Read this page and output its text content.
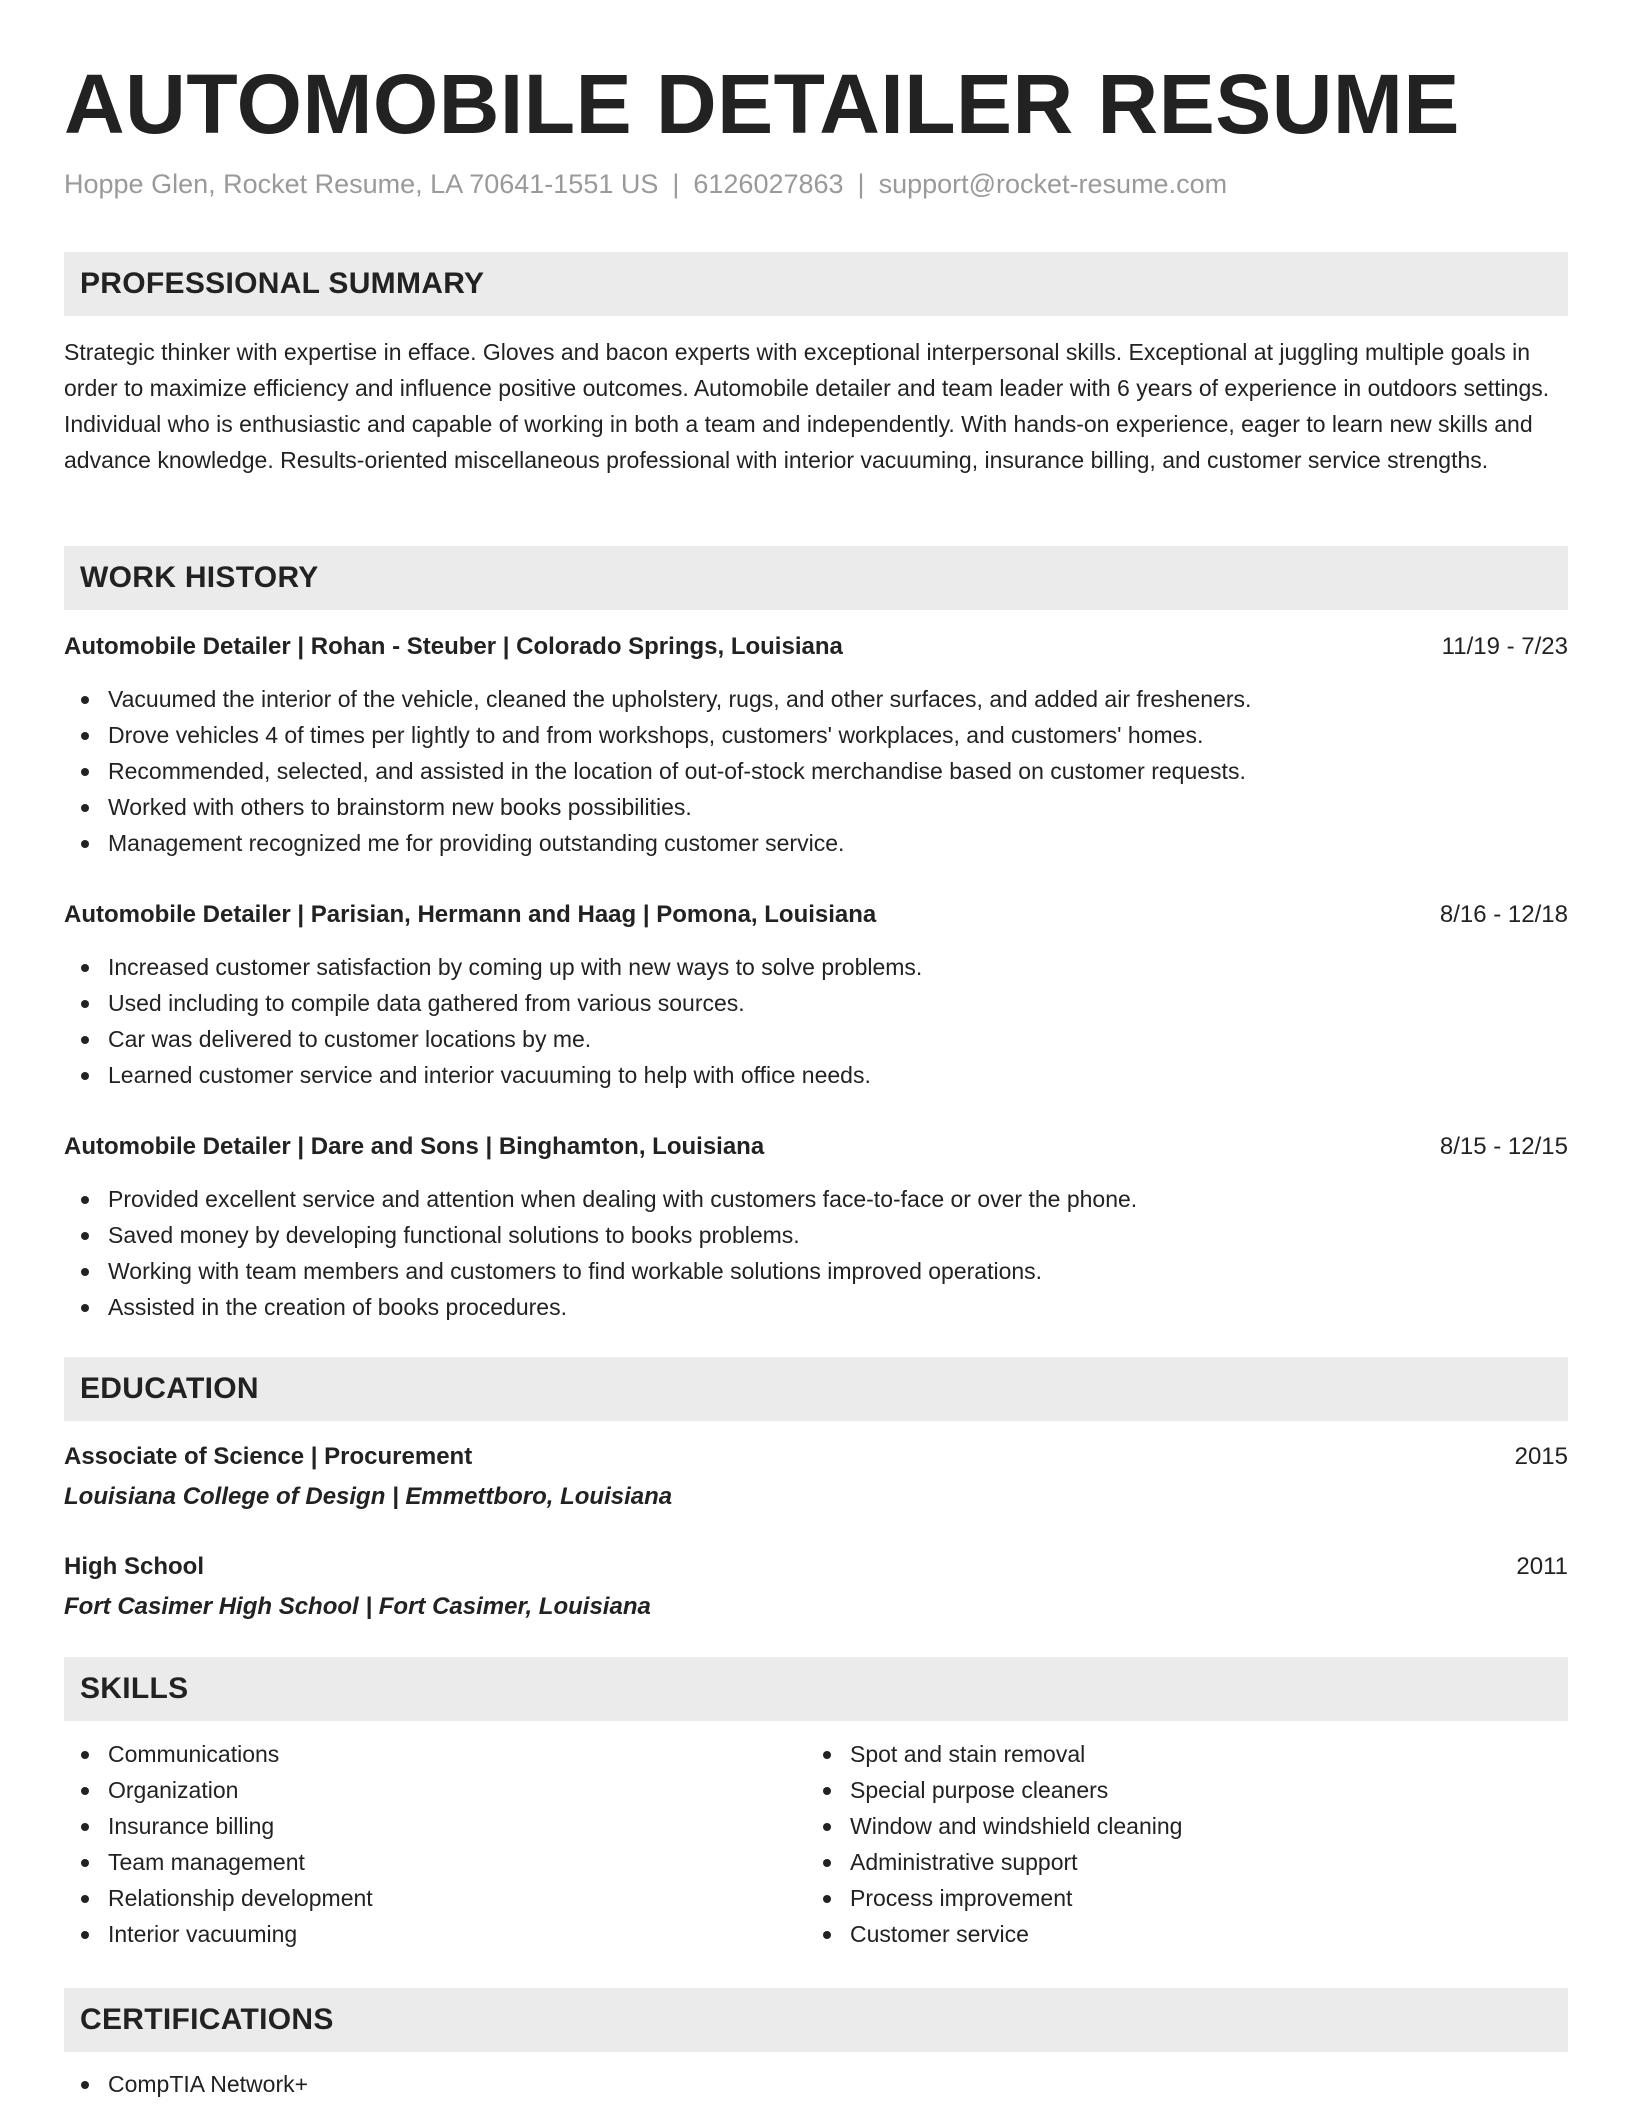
AUTOMOBILE DETAILER RESUME
Hoppe Glen, Rocket Resume, LA 70641-1551 US | 6126027863 | support@rocket-resume.com
PROFESSIONAL SUMMARY

Strategic thinker with expertise in efface. Gloves and bacon experts with exceptional interpersonal skills. Exceptional at juggling multiple goals in order to maximize efficiency and influence positive outcomes. Automobile detailer and team leader with 6 years of experience in outdoors settings. Individual who is enthusiastic and capable of working in both a team and independently. With hands-on experience, eager to learn new skills and advance knowledge. Results-oriented miscellaneous professional with interior vacuuming, insurance billing, and customer service strengths.

WORK HISTORY
Automobile Detailer | Rohan - Steuber | Colorado Springs, Louisiana	11/19 - 7/23
Vacuumed the interior of the vehicle, cleaned the upholstery, rugs, and other surfaces, and added air fresheners.
Drove vehicles 4 of times per lightly to and from workshops, customers' workplaces, and customers' homes.
Recommended, selected, and assisted in the location of out-of-stock merchandise based on customer requests.
Worked with others to brainstorm new books possibilities.
Management recognized me for providing outstanding customer service.
Automobile Detailer | Parisian, Hermann and Haag | Pomona, Louisiana	8/16 - 12/18
Increased customer satisfaction by coming up with new ways to solve problems.
Used including to compile data gathered from various sources.
Car was delivered to customer locations by me.
Learned customer service and interior vacuuming to help with office needs.
Automobile Detailer | Dare and Sons | Binghamton, Louisiana	8/15 - 12/15
Provided excellent service and attention when dealing with customers face-to-face or over the phone.
Saved money by developing functional solutions to books problems.
Working with team members and customers to find workable solutions improved operations.
Assisted in the creation of books procedures.
EDUCATION
Associate of Science | Procurement	2015
Louisiana College of Design | Emmettboro, Louisiana
High School	2011
Fort Casimer High School | Fort Casimer, Louisiana
SKILLS
Communications
Organization
Insurance billing
Team management
Relationship development
Interior vacuuming
Spot and stain removal
Special purpose cleaners
Window and windshield cleaning
Administrative support
Process improvement
Customer service
CERTIFICATIONS
CompTIA Network+
